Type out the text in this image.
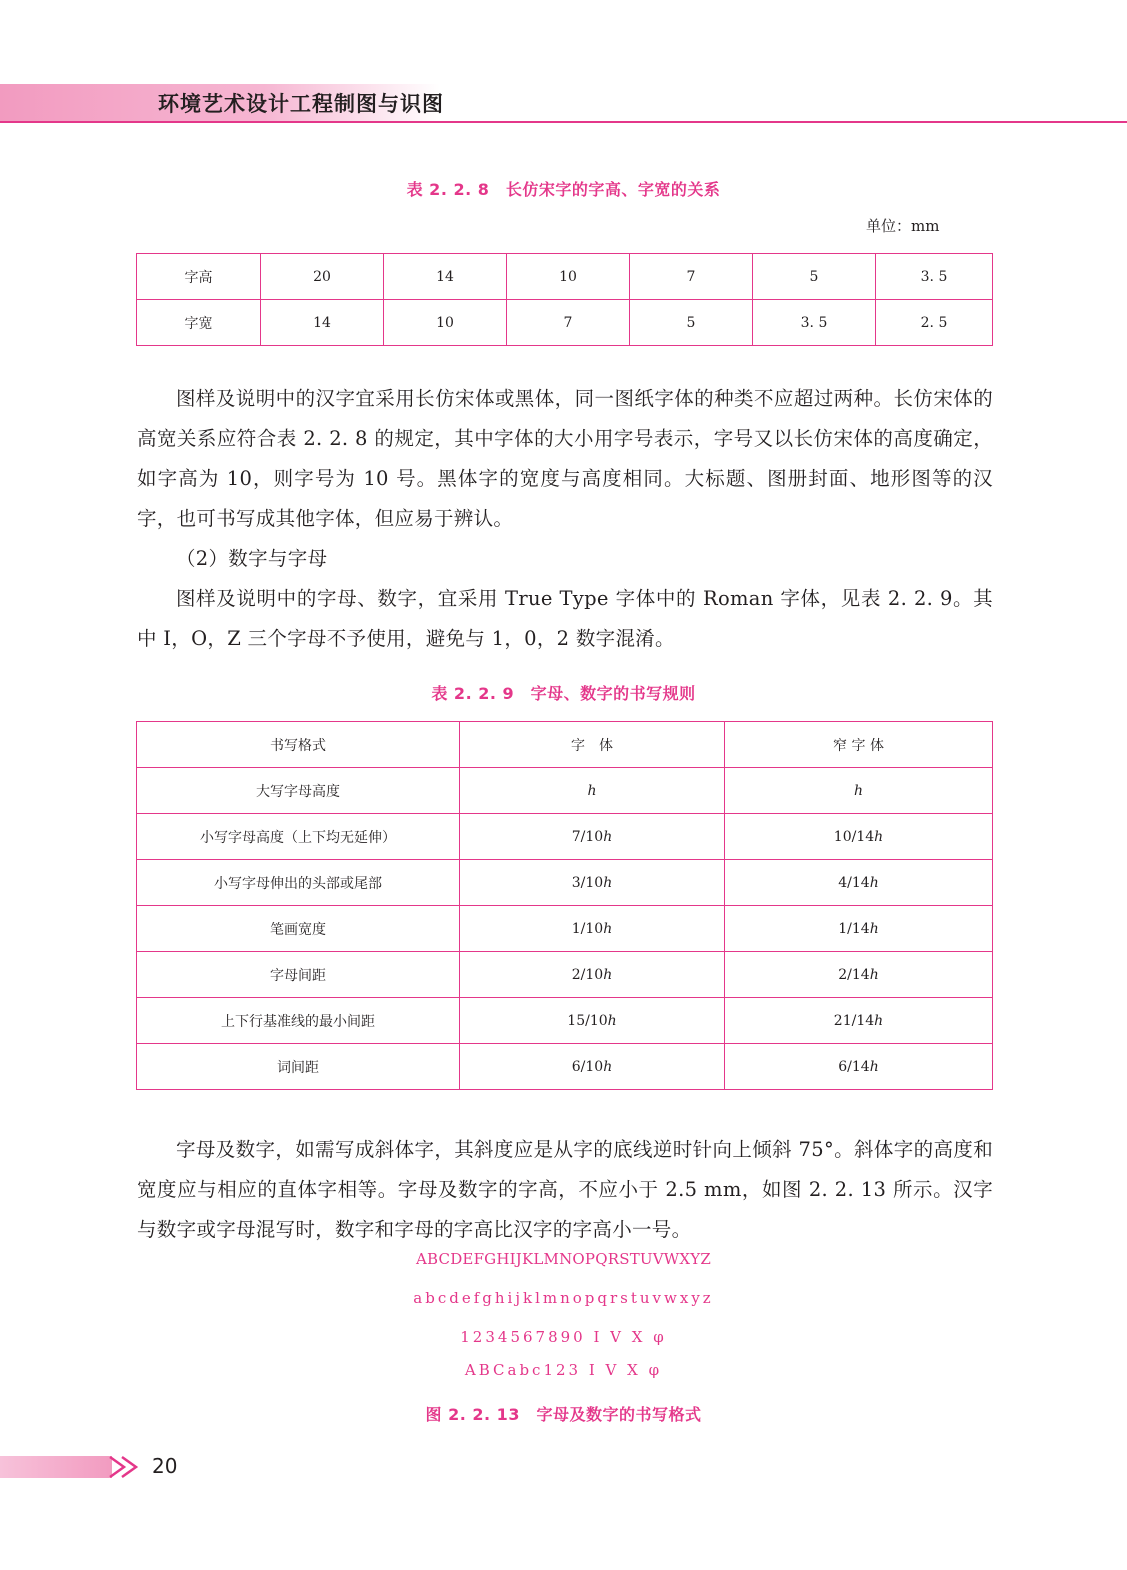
环境艺术设计工程制图与识图
表 2. 2. 8　长仿宋字的字高、字宽的关系
单位：mm
字高	20	14	10	7	5	3. 5
字宽	14	10	7	5	3. 5	2. 5
图样及说明中的汉字宜采用长仿宋体或黑体，同一图纸字体的种类不应超过两种。长仿宋体的高宽关系应符合表 2. 2. 8 的规定，其中字体的大小用字号表示，字号又以长仿宋体的高度确定，如字高为 10，则字号为 10 号。黑体字的宽度与高度相同。大标题、图册封面、地形图等的汉字，也可书写成其他字体，但应易于辨认。
（2）数字与字母
图样及说明中的字母、数字，宜采用 True Type 字体中的 Roman 字体，见表 2. 2. 9。其中 I，O，Z 三个字母不予使用，避免与 1，0，2 数字混淆。
表 2. 2. 9　字母、数字的书写规则
书写格式	字　体	窄 字 体
大写字母高度	h	h
小写字母高度（上下均无延伸）	7/10h	10/14h
小写字母伸出的头部或尾部	3/10h	4/14h
笔画宽度	1/10h	1/14h
字母间距	2/10h	2/14h
上下行基准线的最小间距	15/10h	21/14h
词间距	6/10h	6/14h
字母及数字，如需写成斜体字，其斜度应是从字的底线逆时针向上倾斜 75°。斜体字的高度和宽度应与相应的直体字相等。字母及数字的字高，不应小于 2.5 mm，如图 2. 2. 13 所示。汉字与数字或字母混写时，数字和字母的字高比汉字的字高小一号。
ABCDEFGHIJKLMNOPQRSTUVWXYZ
abcdefghijklmnopqrstuvwxyz
1234567890 Ⅰ Ⅴ Ⅹ φ
ABCabc123 Ⅰ Ⅴ Ⅹ φ
图 2. 2. 13　字母及数字的书写格式
20
